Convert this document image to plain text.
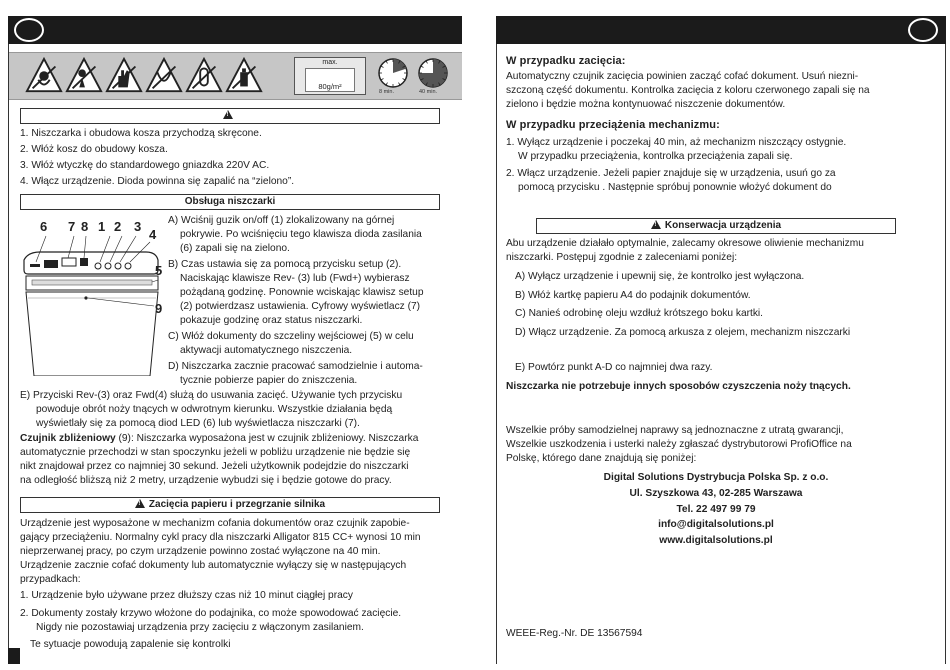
max.
80g/m²
8 min.	40 min.
!
1. Niszczarka i obudowa kosza przychodzą skręcone.
2. Włóż kosz do obudowy kosza.
3. Włóż wtyczkę do standardowego gniazdka 220V AC.
4. Włącz urządzenie. Dioda powinna się zapalić na “zielono”.
Obsługa niszczarki
6 7 8 1 2 3
4
5
9
A) Wciśnij guzik on/off (1) zlokalizowany na górnej
pokrywie. Po wciśnięciu tego klawisza dioda zasilania
(6) zapali się na zielono.
B) Czas ustawia się za pomocą przycisku setup (2).
Naciskając klawisze Rev- (3) lub (Fwd+) wybierasz
pożądaną godzinę. Ponownie wciskając klawisz setup
(2) potwierdzasz ustawienia. Cyfrowy wyświetlacz (7)
pokazuje godzinę oraz status niszczarki.
C) Włóż dokumenty do szczeliny wejściowej (5) w celu
aktywacji automatycznego niszczenia.
D) Niszczarka zacznie pracować samodzielnie i automa-
tycznie pobierze papier do zniszczenia.
E) Przyciski Rev-(3) oraz Fwd(4) służą do usuwania zacięć. Używanie tych przycisku
powoduje obrót noży tnących w odwrotnym kierunku. Wszystkie działania będą
wyświetlały się za pomocą diod LED (6) lub wyświetlacza niszczarki (7).
Czujnik zbliżeniowy (9): Niszczarka wyposażona jest w czujnik zbliżeniowy. Niszczarka
automatycznie przechodzi w stan spoczynku jeżeli w pobliżu urządzenie nie będzie się
nikt znajdował przez co najmniej 30 sekund. Jeżeli użytkownik podejdzie do niszczarki
na odległość bliższą niż 2 metry, urządzenie wybudzi się i będzie gotowe do pracy.
!Zacięcia papieru i przegrzanie silnika
Urządzenie jest wyposażone w mechanizm cofania dokumentów oraz czujnik zapobie-
gający przeciążeniu. Normalny cykl pracy dla niszczarki Alligator 815 CC+ wynosi 10 min
nieprzerwanej pracy, po czym urządzenie powinno zostać wyłączone na 40 min.
Urządzenie zacznie cofać dokumenty lub automatycznie wyłączy się w następujących
przypadkach:
1. Urządzenie było używane przez dłuższy czas niż 10 minut ciągłej pracy
2. Dokumenty zostały krzywo włożone do podajnika, co może spowodować zacięcie.
Nigdy nie pozostawiaj urządzenia przy zacięciu z włączonym zasilaniem.
Te sytuacje powodują zapalenie się kontrolki
W przypadku zacięcia:
Automatyczny czujnik zacięcia powinien zacząć cofać dokument. Usuń niezni-
szczoną część dokumentu. Kontrolka zacięcia z koloru czerwonego zapali się na
zielono i będzie można kontynuować niszczenie dokumentów.
W przypadku przeciążenia mechanizmu:
1. Wyłącz urządzenie i poczekaj 40 min, aż mechanizm niszczący ostygnie.
W przypadku przeciążenia, kontrolka przeciążenia zapali się.
2. Włącz urządzenie. Jeżeli papier znajduje się w urządzenia, usuń go za
pomocą przycisku . Następnie spróbuj ponownie włożyć dokument do
!Konserwacja urządzenia
Abu urządzenie działało optymalnie, zalecamy okresowe oliwienie mechanizmu
niszczarki. Postępuj zgodnie z zaleceniami poniżej:
A) Wyłącz urządzenie i upewnij się, że kontrolko jest wyłączona.
B) Włóż kartkę papieru A4 do podajnik dokumentów.
C) Nanieś odrobinę oleju wzdłuż krótszego boku kartki.
D) Włącz urządzenie. Za pomocą arkusza z olejem, mechanizm niszczarki
E) Powtórz punkt A-D co najmniej dwa razy.
Niszczarka nie potrzebuje innych sposobów czyszczenia noży tnących.
Wszelkie próby samodzielnej naprawy są jednoznaczne z utratą gwarancji,
Wszelkie uszkodzenia i usterki należy zgłaszać dystrybutorowi ProfiOffice na
Polskę, którego dane znajdują się poniżej:
Digital Solutions Dystrybucja Polska Sp. z o.o.
Ul. Szyszkowa 43, 02-285 Warszawa
Tel. 22 497 99 79
info@digitalsolutions.pl
www.digitalsolutions.pl
WEEE-Reg.-Nr. DE 13567594
